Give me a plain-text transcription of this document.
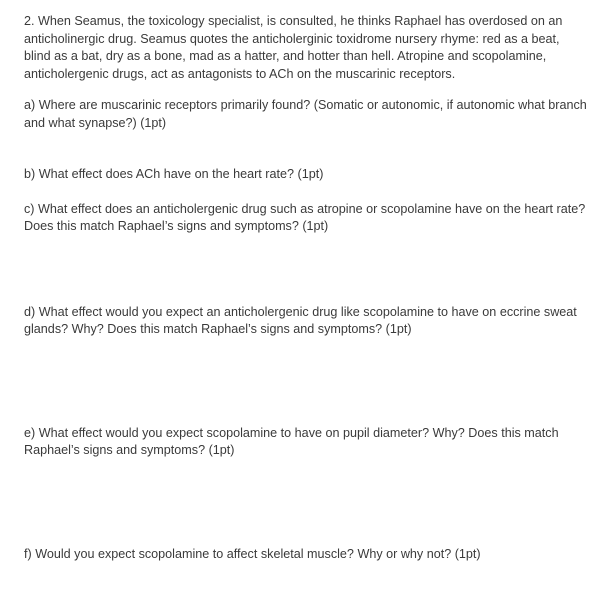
2. When Seamus, the toxicology specialist, is consulted, he thinks Raphael has overdosed on an anticholinergic drug. Seamus quotes the anticholerginic toxidrome nursery rhyme: red as a beat, blind as a bat, dry as a bone, mad as a hatter, and hotter than hell. Atropine and scopolamine, anticholergenic drugs, act as antagonists to ACh on the muscarinic receptors.

a) Where are muscarinic receptors primarily found? (Somatic or autonomic, if autonomic what branch and what synapse?) (1pt)

b) What effect does ACh have on the heart rate? (1pt)

c) What effect does an anticholergenic drug such as atropine or scopolamine have on the heart rate? Does this match Raphael’s signs and symptoms? (1pt)

d) What effect would you expect an anticholergenic drug like scopolamine to have on eccrine sweat glands? Why? Does this match Raphael’s signs and symptoms? (1pt)

e) What effect would you expect scopolamine to have on pupil diameter? Why? Does this match Raphael’s signs and symptoms? (1pt)

f) Would you expect scopolamine to affect skeletal muscle? Why or why not? (1pt)
